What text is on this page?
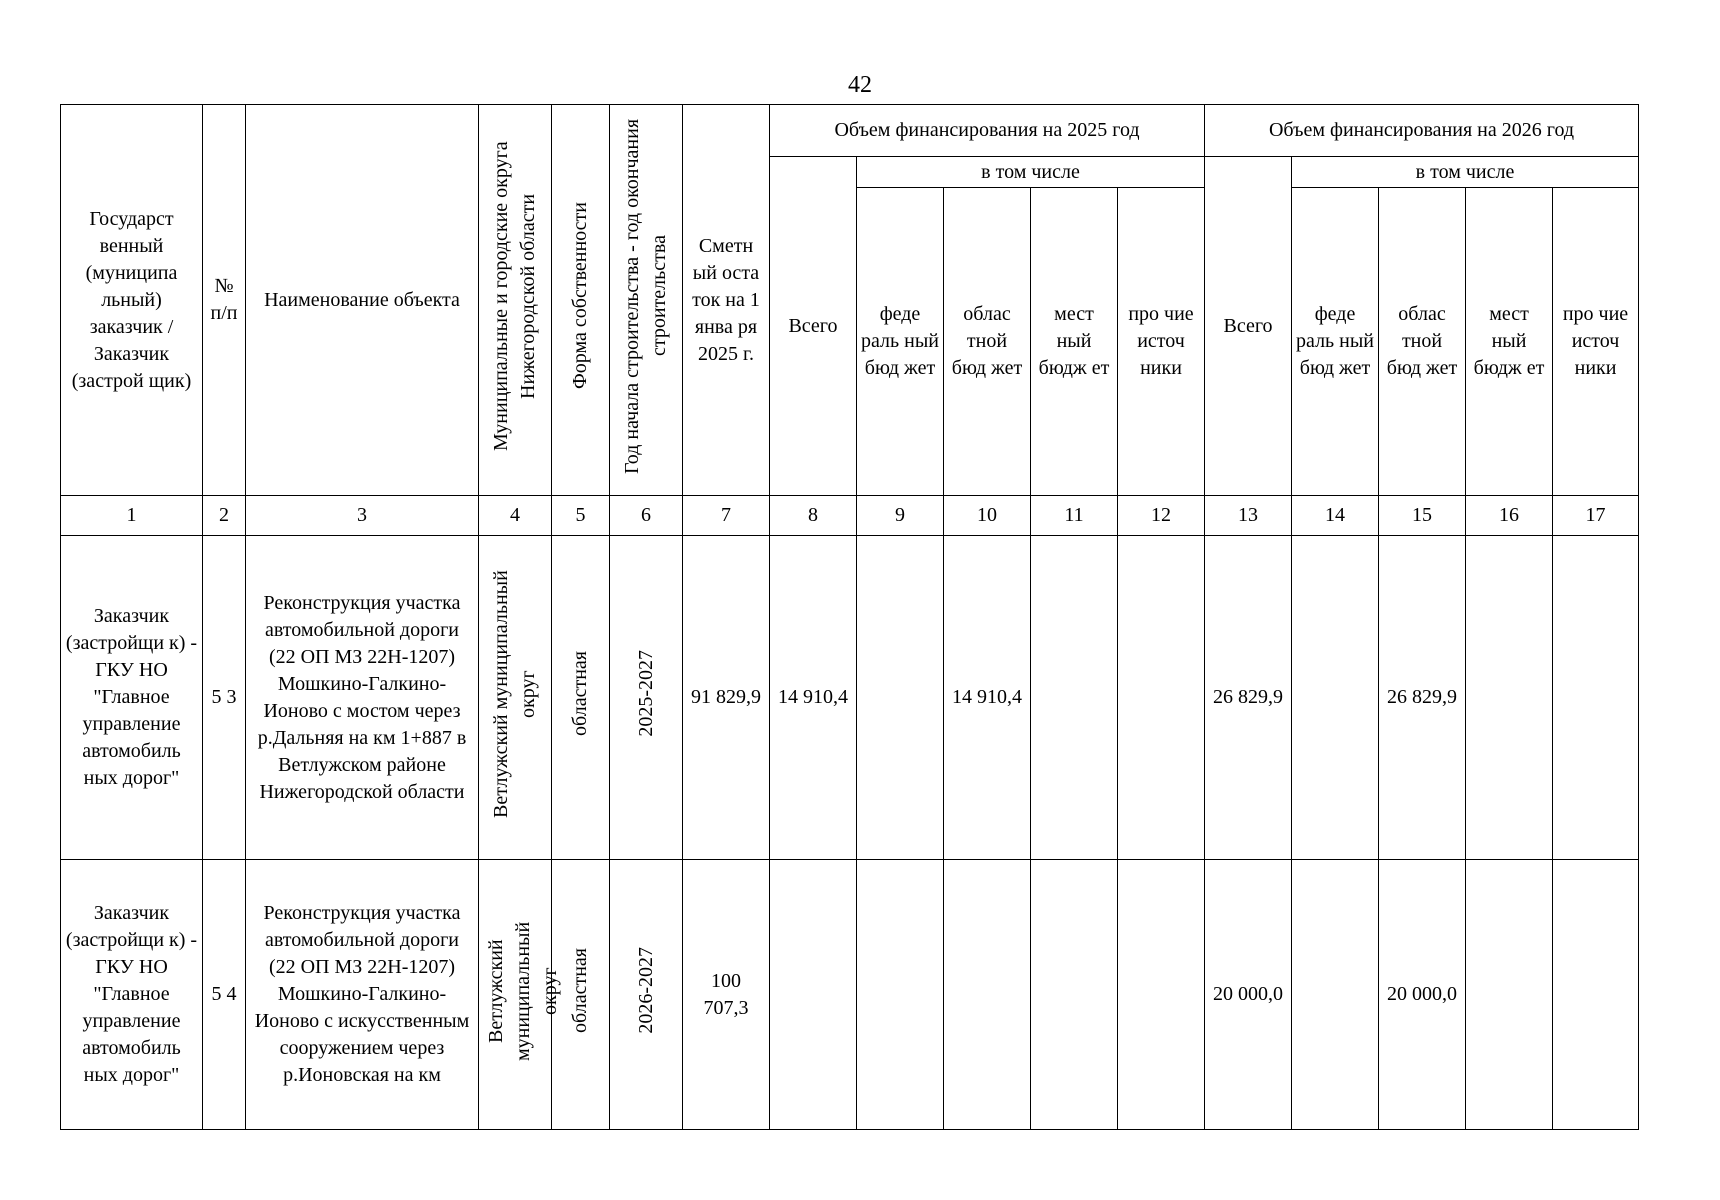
42
Государст венный (муниципа льный) заказчик / Заказчик (застрой щик)	№ п/п	Наименование объекта	Муниципальные и городские округа Нижегородской области	Форма собственности	Год начала строительства - год окончания строительства	Сметн ый оста ток на 1 янва ря 2025 г.	Объем финансирования на 2025 год					Объем финансирования на 2026 год				
							Всего	в том числе				Всего	в том числе			
								феде раль ный бюд жет	облас тной бюд жет	мест ный бюдж ет	про чие источ ники		феде раль ный бюд жет	облас тной бюд жет	мест ный бюдж ет	про чие источ ники
1	2	3	4	5	6	7	8	9	10	11	12	13	14	15	16	17
Заказчик (застройщи к) - ГКУ НО "Главное управление автомобиль ных дорог"	5 3	Реконструкция участка автомобильной дороги (22 ОП МЗ 22Н-1207) Мошкино-Галкино-Ионово с мостом через р.Дальняя на км 1+887 в Ветлужском районе Нижегородской области	Ветлужский муниципальный округ	областная	2025-2027	91 829,9	14 910,4		14 910,4			26 829,9		26 829,9		
Заказчик (застройщи к) - ГКУ НО "Главное управление автомобиль ных дорог"	5 4	Реконструкция участка автомобильной дороги (22 ОП МЗ 22Н-1207) Мошкино-Галкино-Ионово с искусственным сооружением через р.Ионовская на км	Ветлужский муниципальный округ	областная	2026-2027	100 707,3						20 000,0		20 000,0		
